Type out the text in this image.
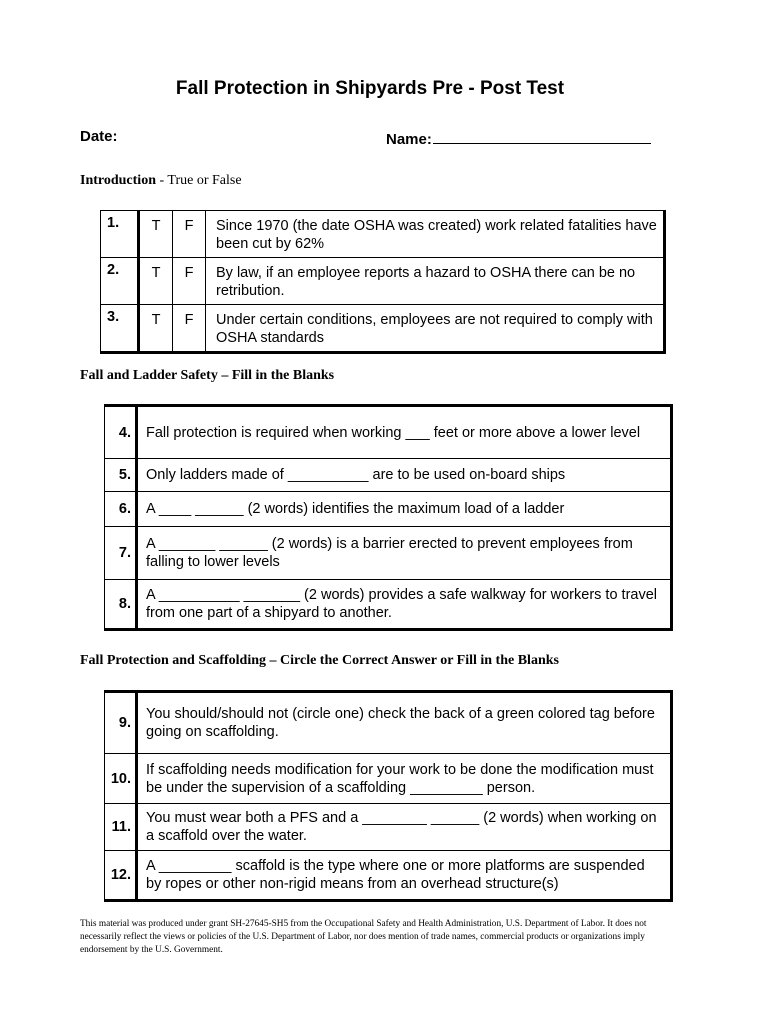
Fall Protection in Shipyards Pre - Post Test
Date:	Name:
Introduction - True or False
1.	T	F	Since 1970 (the date OSHA was created) work related fatalities have been cut by 62%
2.	T	F	By law, if an employee reports a hazard to OSHA there can be no retribution.
3.	T	F	Under certain conditions, employees are not required to comply with OSHA standards
Fall and Ladder Safety – Fill in the Blanks
4.	Fall protection is required when working ___ feet or more above a lower level
5.	Only ladders made of __________ are to be used on-board ships
6.	A ____ ______ (2 words) identifies the maximum load of a ladder
7.	A _______ ______ (2 words) is a barrier erected to prevent employees from falling to lower levels
8.	A __________ _______ (2 words) provides a safe walkway for workers to travel from one part of a shipyard to another.
Fall Protection and Scaffolding – Circle the Correct Answer or Fill in the Blanks
9.	You should/should not (circle one) check the back of a green colored tag before going on scaffolding.
10.	If scaffolding needs modification for your work to be done the modification must be under the supervision of a scaffolding _________ person.
11.	You must wear both a PFS and a ________ ______ (2 words) when working on a scaffold over the water.
12.	A _________ scaffold is the type where one or more platforms are suspended by ropes or other non-rigid means from an overhead structure(s)
This material was produced under grant SH-27645-SH5 from the Occupational Safety and Health Administration, U.S. Department of Labor. It does not necessarily reflect the views or policies of the U.S. Department of Labor, nor does mention of trade names, commercial products or organizations imply endorsement by the U.S. Government.
